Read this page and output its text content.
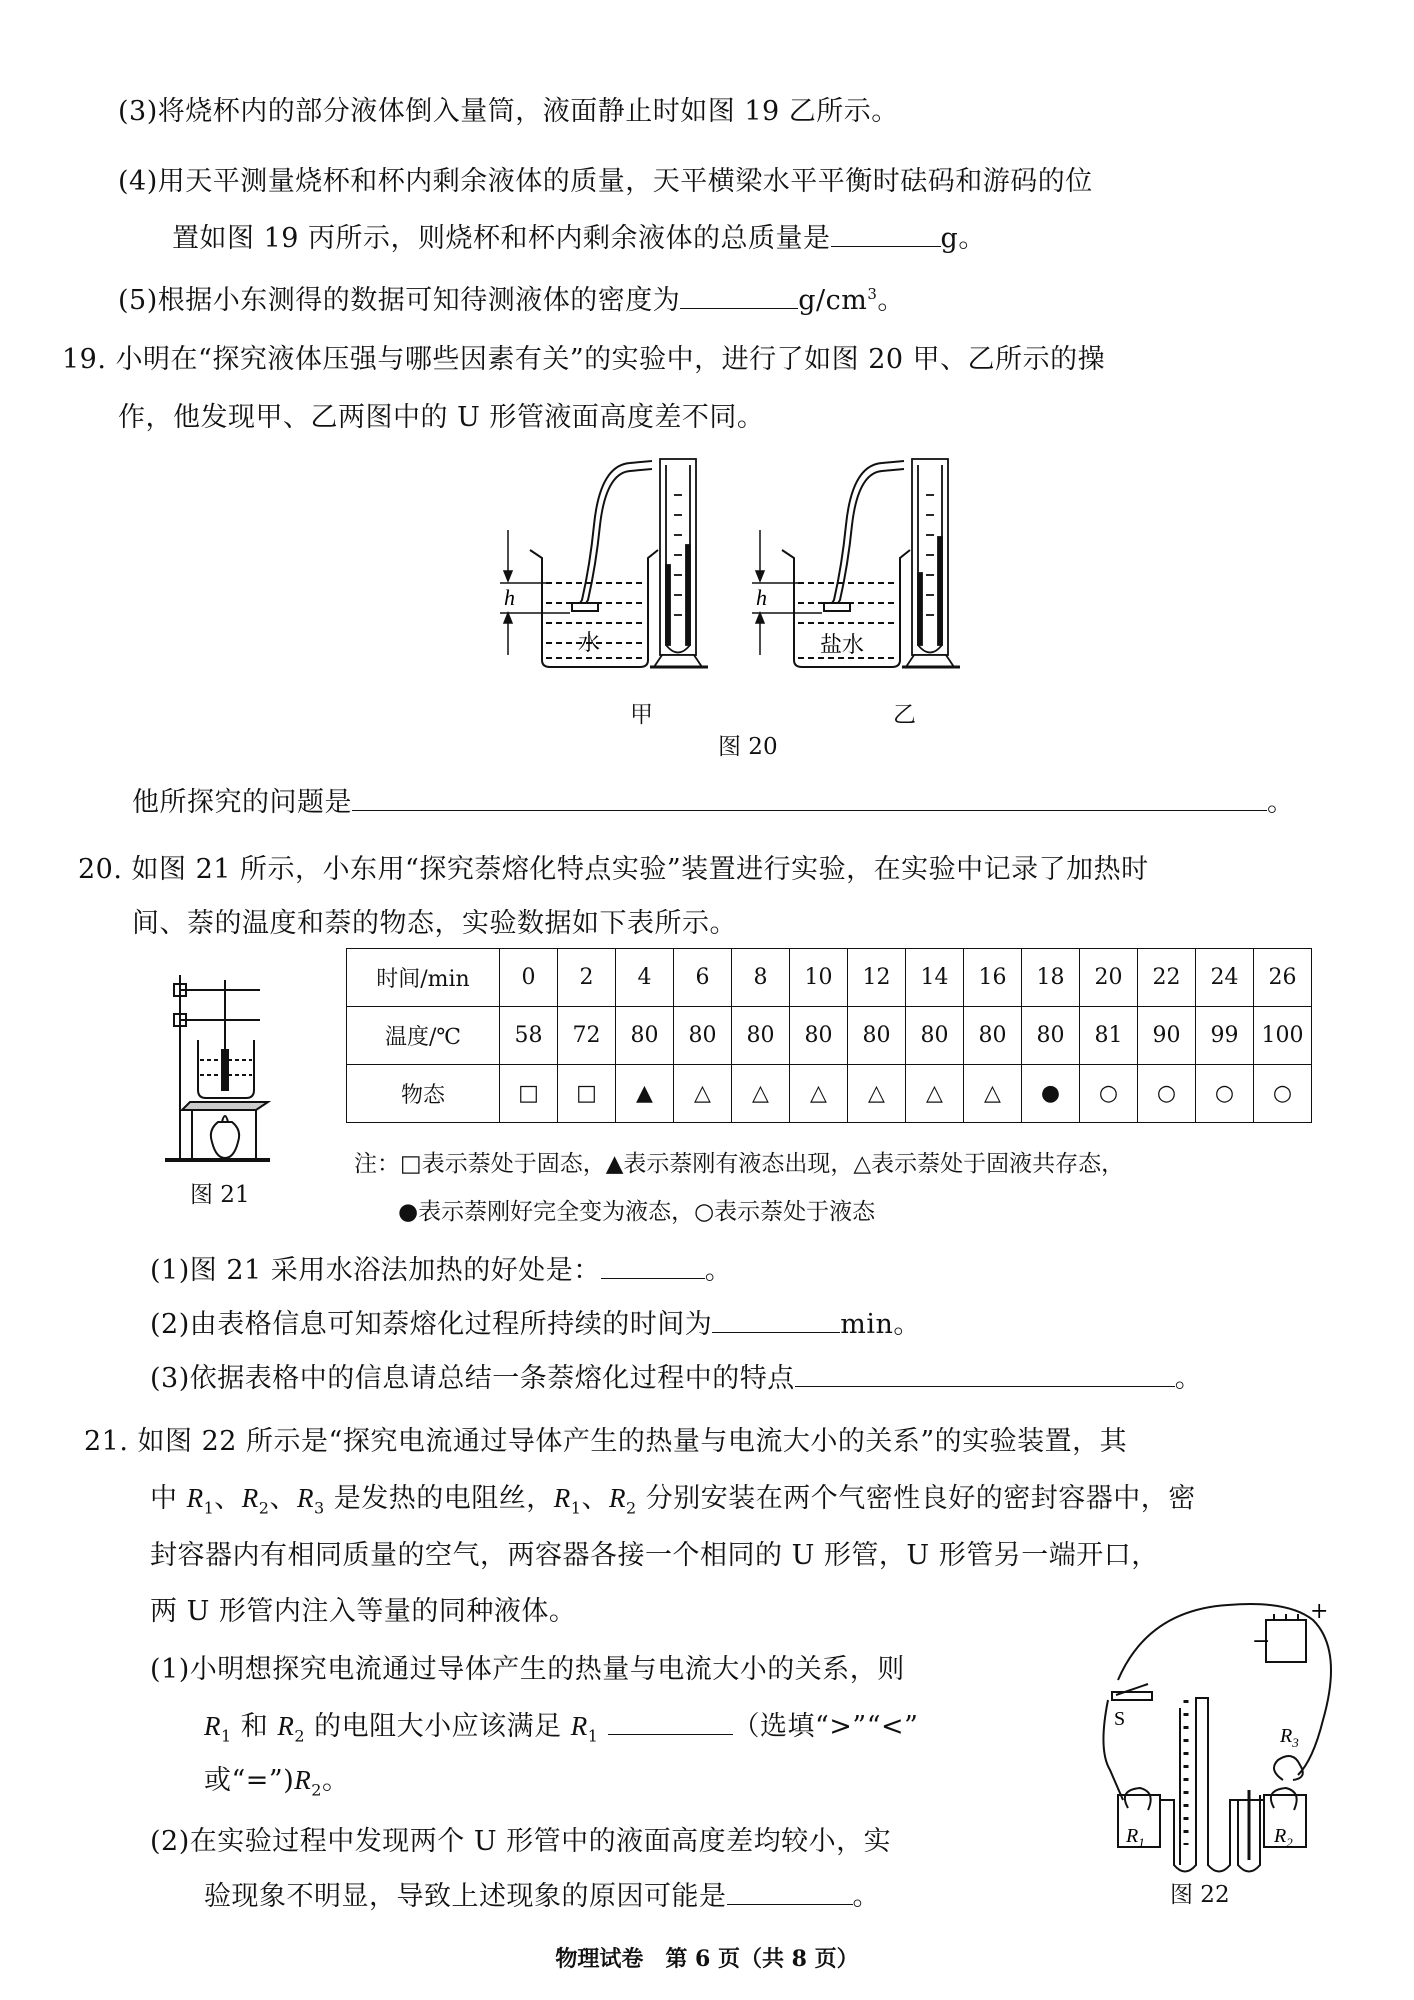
(3)将烧杯内的部分液体倒入量筒，液面静止时如图 19 乙所示。
(4)用天平测量烧杯和杯内剩余液体的质量，天平横梁水平平衡时砝码和游码的位
置如图 19 丙所示，则烧杯和杯内剩余液体的总质量是	g。
(5)根据小东测得的数据可知待测液体的密度为	$g/cm^3$。
19. 小明在“探究液体压强与哪些因素有关”的实验中，进行了如图 20 甲、乙所示的操
作，他发现甲、乙两图中的 U 形管液面高度差不同。
h
水
h
盐水
甲	乙
图 20
他所探究的问题是	。
20. 如图 21 所示，小东用“探究萘熔化特点实验”装置进行实验，在实验中记录了加热时
间、萘的温度和萘的物态，实验数据如下表所示。
图 21
时间/min	0	2	4	6	8	10	12	14	16	18	20	22	24	26
温度/℃	58	72	80	80	80	80	80	80	80	80	81	90	99	100
物态	□	□	▲	△	△	△	△	△	△	●	○	○	○	○
注：□表示萘处于固态，▲表示萘刚有液态出现，△表示萘处于固液共存态，
●表示萘刚好完全变为液态，○表示萘处于液态
(1)图 21 采用水浴法加热的好处是：	。
(2)由表格信息可知萘熔化过程所持续的时间为	min。
(3)依据表格中的信息请总结一条萘熔化过程中的特点	。
21. 如图 22 所示是“探究电流通过导体产生的热量与电流大小的关系”的实验装置，其
中 $R_1$、$R_2$、$R_3$ 是发热的电阻丝，$R_1$、$R_2$ 分别安装在两个气密性良好的密封容器中，密
封容器内有相同质量的空气，两容器各接一个相同的 U 形管，U 形管另一端开口，
两 U 形管内注入等量的同种液体。
(1)小明想探究电流通过导体产生的热量与电流大小的关系，则
$R_1$ 和 $R_2$ 的电阻大小应该满足 $R_1$	（选填“>”“<”
或“$=”)R_2$。
(2)在实验过程中发现两个 U 形管中的液面高度差均较小，实
验现象不明显，导致上述现象的原因可能是	。
+
−
S
$R_1$	$R_2$
$R_3$
图 22
物理试卷　第 6 页（共 8 页）
